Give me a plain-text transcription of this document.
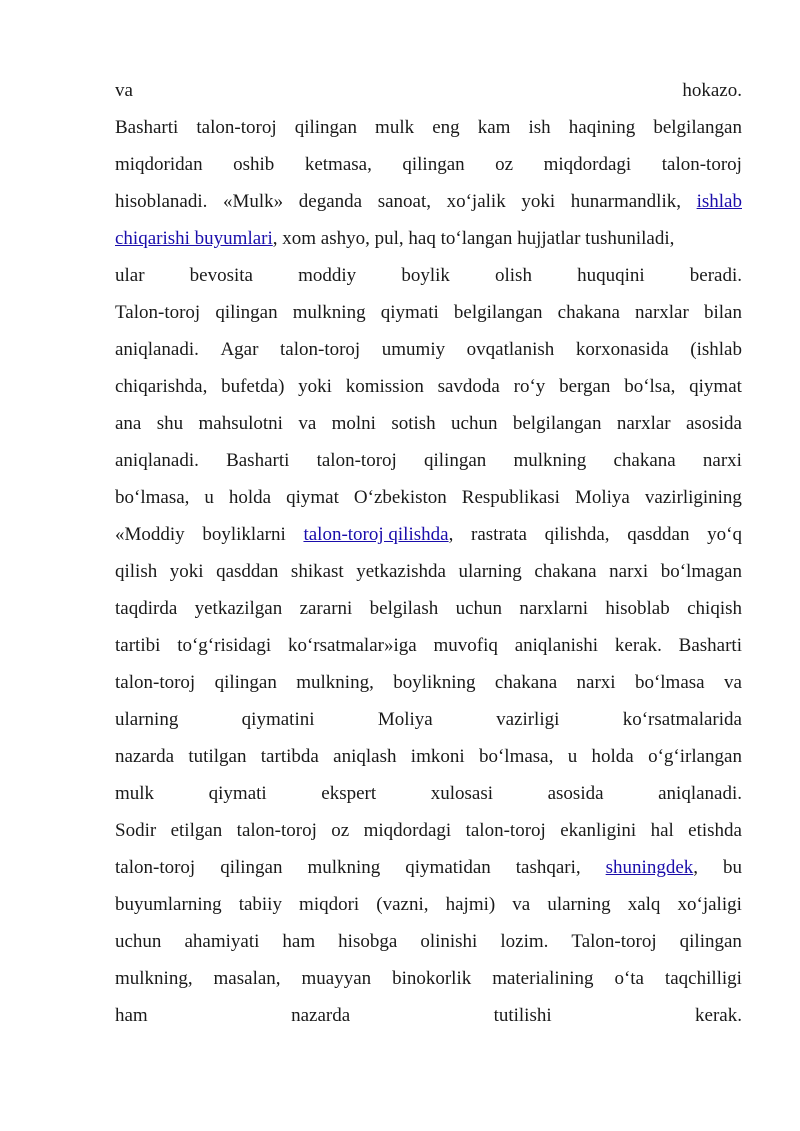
va	hokazo.
Basharti talon-toroj qilingan mulk eng kam ish haqining belgilangan
miqdoridan oshib ketmasa, qilingan oz miqdordagi talon-toroj
hisoblanadi. «Mulk» deganda sanoat, xo‘jalik yoki hunarmandlik, ishlab
chiqarishi buyumlari , xom ashyo, pul, haq to‘langan hujjatlar tushuniladi,
ular bevosita moddiy boylik olish huquqini beradi.
Talon-toroj qilingan mulkning qiymati belgilangan chakana narxlar bilan
aniqlanadi. Agar talon-toroj umumiy ovqatlanish korxonasida (ishlab
chiqarishda, bufetda) yoki komission savdoda ro‘y bergan bo‘lsa, qiymat
ana shu mahsulotni va molni sotish uchun belgilangan narxlar asosida
aniqlanadi. Basharti talon-toroj qilingan mulkning chakana narxi
bo‘lmasa, u holda qiymat O‘zbekiston Respublikasi Moliya vazirligining
«Moddiy boyliklarni talon-toroj qilishda, rastrata qilishda, qasddan yo‘q
qilish yoki qasddan shikast yetkazishda ularning chakana narxi bo‘lmagan
taqdirda yetkazilgan zararni belgilash uchun narxlarni hisoblab chiqish
tartibi to‘g‘risidagi ko‘rsatmalar»iga muvofiq aniqlanishi kerak. Basharti
talon-toroj qilingan mulkning, boylikning chakana narxi bo‘lmasa va
ularning	qiymatini	Moliya	vazirligi	ko‘rsatmalarida
nazarda tutilgan tartibda aniqlash imkoni bo‘lmasa, u holda o‘g‘irlangan
mulk	qiymati	ekspert	xulosasi	asosida	aniqlanadi.
Sodir etilgan talon-toroj oz miqdordagi talon-toroj ekanligini hal etishda
talon-toroj qilingan mulkning qiymatidan tashqari, shuningdek, bu
buyumlarning tabiiy miqdori (vazni, hajmi) va ularning xalq xo‘jaligi
uchun ahamiyati ham hisobga olinishi lozim. Talon-toroj qilingan
mulkning, masalan, muayyan binokorlik materialining o‘ta taqchilligi
ham	nazarda	tutilishi	kerak.
